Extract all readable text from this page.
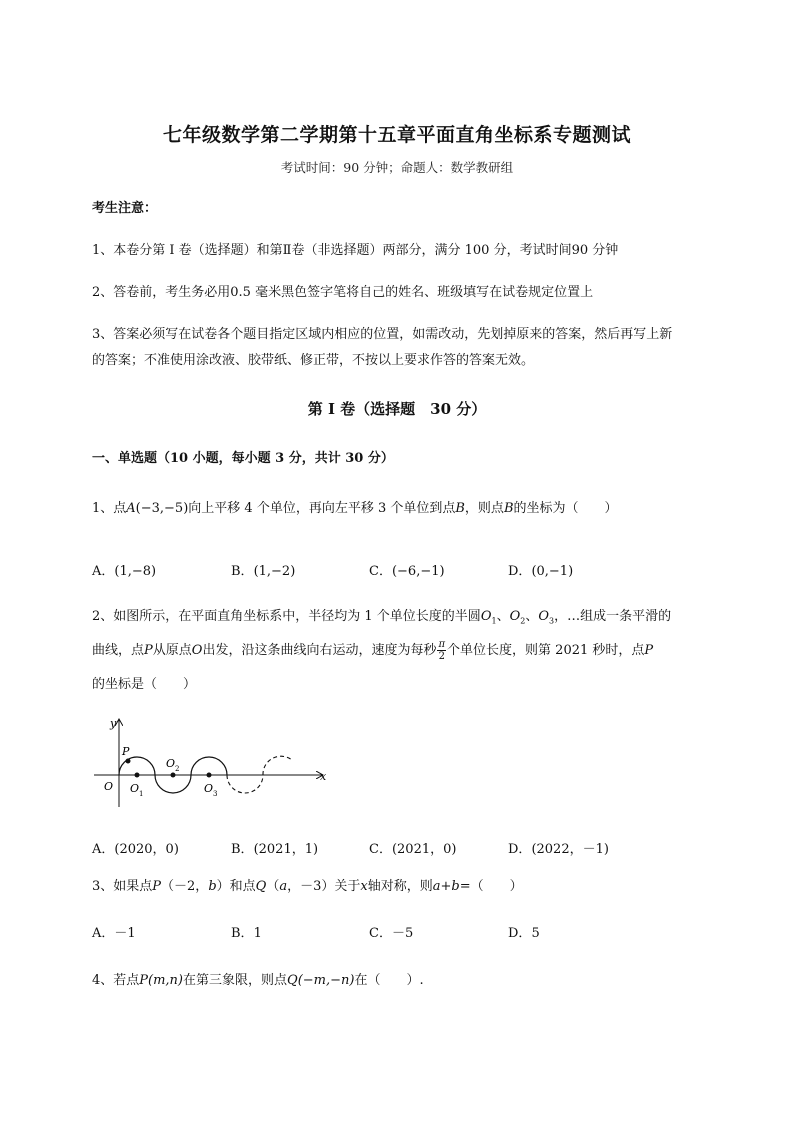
七年级数学第二学期第十五章平面直角坐标系专题测试
考试时间：90 分钟；命题人：数学教研组
考生注意：
1、本卷分第 I 卷（选择题）和第Ⅱ卷（非选择题）两部分，满分 100 分，考试时间90 分钟
2、答卷前，考生务必用0.5 毫米黑色签字笔将自己的姓名、班级填写在试卷规定位置上
3、答案必须写在试卷各个题目指定区域内相应的位置，如需改动，先划掉原来的答案，然后再写上新
的答案；不准使用涂改液、胶带纸、修正带，不按以上要求作答的答案无效。
第 I 卷（选择题　30 分）
一、单选题（10 小题，每小题 3 分，共计 30 分）
1、点A(−3,−5)向上平移 4 个单位，再向左平移 3 个单位到点B，则点B的坐标为（　　）
A．(1,−8)	B．(1,−2)	C．(−6,−1)	D．(0,−1)
2、如图所示，在平面直角坐标系中，半径均为 1 个单位长度的半圆$O_1$、$O_2$、$O_3$，…组成一条平滑的
曲线，点P从原点O出发，沿这条曲线向右运动，速度为每秒 $\frac{\pi}{2}$ 个单位长度，则第 2021 秒时，点P
的坐标是（　　）
y
x
O
P
O 1
O 2
O 3
A．(2020，0)	B．(2021，1)	C．(2021，0)	D．(2022，－1)
3、如果点P（－2，b）和点Q（a，－3）关于x轴对称，则a+b=（　　）
A．－1	B．1	C．－5	D．5
4、若点P(m,n)在第三象限，则点Q(−m,−n)在（　　）.
